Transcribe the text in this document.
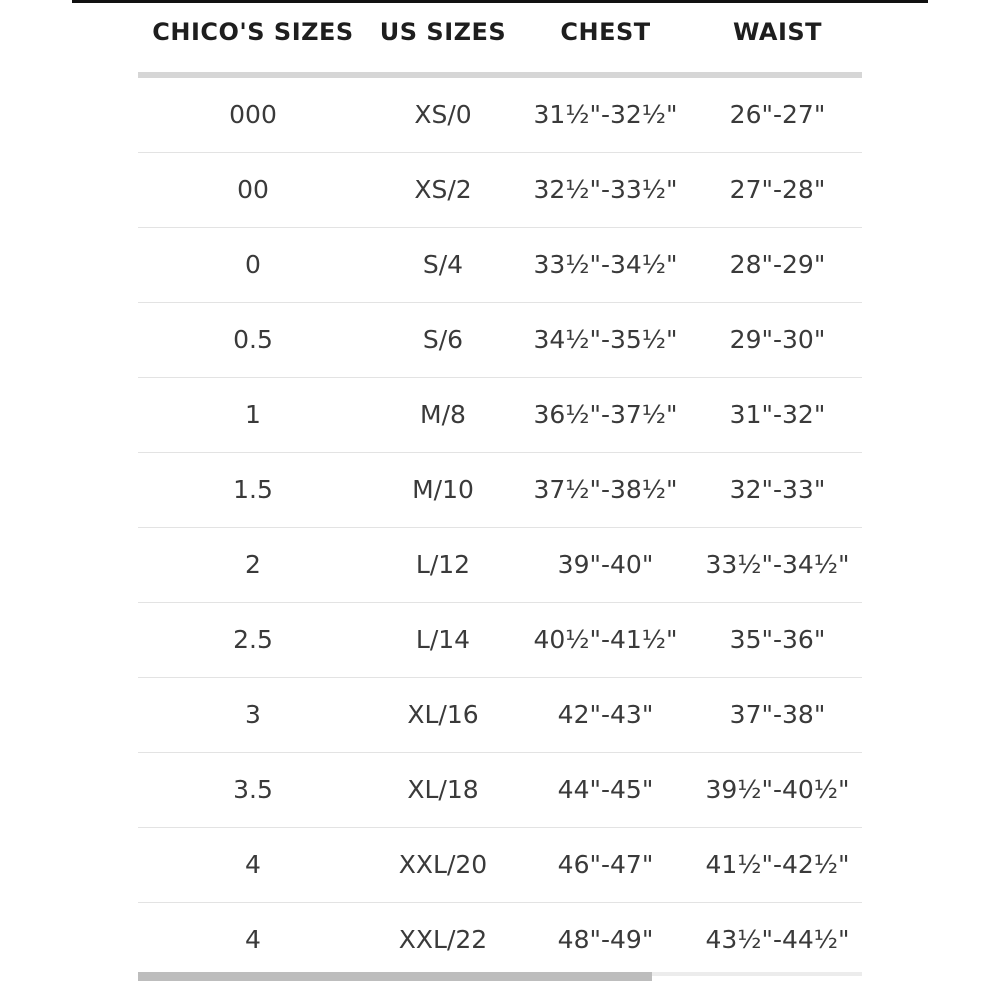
CHICO'S SIZES	US SIZES	CHEST	WAIST
000	XS/0	31½"-32½"	26"-27"
00	XS/2	32½"-33½"	27"-28"
0	S/4	33½"-34½"	28"-29"
0.5	S/6	34½"-35½"	29"-30"
1	M/8	36½"-37½"	31"-32"
1.5	M/10	37½"-38½"	32"-33"
2	L/12	39"-40"	33½"-34½"
2.5	L/14	40½"-41½"	35"-36"
3	XL/16	42"-43"	37"-38"
3.5	XL/18	44"-45"	39½"-40½"
4	XXL/20	46"-47"	41½"-42½"
4	XXL/22	48"-49"	43½"-44½"
